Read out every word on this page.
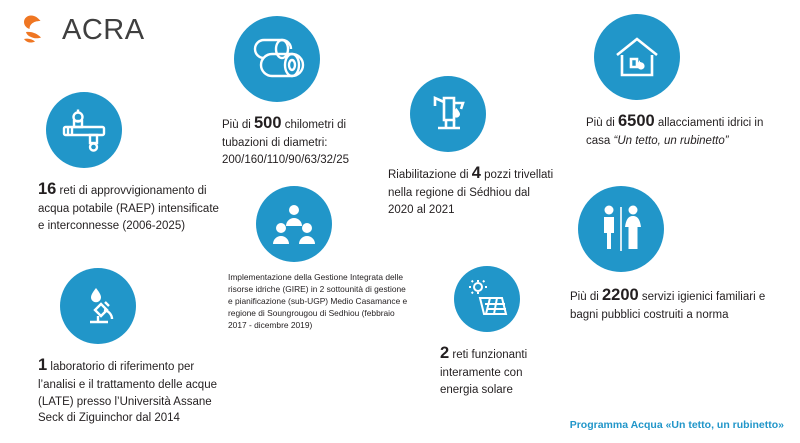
ACRA
16 reti di approvvigionamento di acqua potabile (RAEP) intensificate e interconnesse (2006-2025)
Più di 500 chilometri di tubazioni di diametri: 200/160/110/90/63/32/25
Riabilitazione di 4 pozzi trivellati nella regione di Sédhiou dal 2020 al 2021
Più di 6500 allacciamenti idrici in casa “Un tetto, un rubinetto”
Implementazione della Gestione Integrata delle risorse idriche (GIRE) in 2 sottounità di gestione e pianificazione (sub-UGP) Medio Casamance e regione di Soungrougou di Sedhiou (febbraio 2017 - dicembre 2019)
Più di 2200 servizi igienici familiari e bagni pubblici costruiti a norma
1 laboratorio di riferimento per l’analisi e il trattamento delle acque (LATE) presso l’Università Assane Seck di Ziguinchor dal 2014
2 reti funzionanti interamente con energia solare
Programma Acqua «Un tetto, un rubinetto»
